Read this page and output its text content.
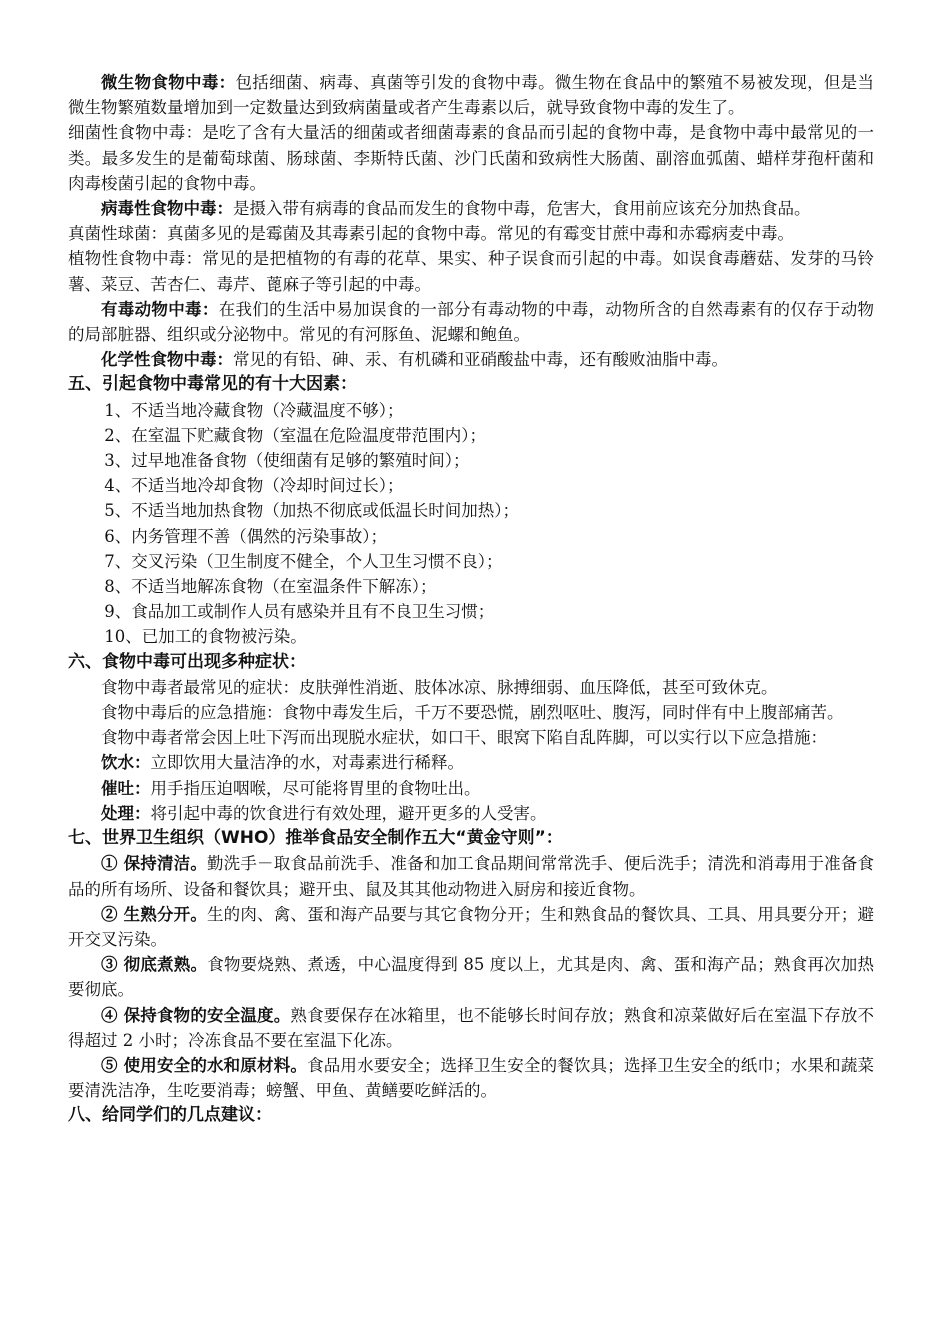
微生物食物中毒：包括细菌、病毒、真菌等引发的食物中毒。微生物在食品中的繁殖不易被发现，但是当微生物繁殖数量增加到一定数量达到致病菌量或者产生毒素以后，就导致食物中毒的发生了。

细菌性食物中毒：是吃了含有大量活的细菌或者细菌毒素的食品而引起的食物中毒，是食物中毒中最常见的一类。最多发生的是葡萄球菌、肠球菌、李斯特氏菌、沙门氏菌和致病性大肠菌、副溶血弧菌、蜡样芽孢杆菌和肉毒梭菌引起的食物中毒。

病毒性食物中毒：是摄入带有病毒的食品而发生的食物中毒，危害大，食用前应该充分加热食品。

真菌性球菌：真菌多见的是霉菌及其毒素引起的食物中毒。常见的有霉变甘蔗中毒和赤霉病麦中毒。

植物性食物中毒：常见的是把植物的有毒的花草、果实、种子误食而引起的中毒。如误食毒蘑菇、发芽的马铃薯、菜豆、苦杏仁、毒芹、蓖麻子等引起的中毒。

有毒动物中毒：在我们的生活中易加误食的一部分有毒动物的中毒，动物所含的自然毒素有的仅存于动物的局部脏器、组织或分泌物中。常见的有河豚鱼、泥螺和鲍鱼。

化学性食物中毒：常见的有铅、砷、汞、有机磷和亚硝酸盐中毒，还有酸败油脂中毒。

五、引起食物中毒常见的有十大因素：
1、不适当地冷藏食物（冷藏温度不够）；
2、在室温下贮藏食物（室温在危险温度带范围内）；
3、过早地准备食物（使细菌有足够的繁殖时间）；
4、不适当地冷却食物（冷却时间过长）；
5、不适当地加热食物（加热不彻底或低温长时间加热）；
6、内务管理不善（偶然的污染事故）；
7、交叉污染（卫生制度不健全，个人卫生习惯不良）；
8、不适当地解冻食物（在室温条件下解冻）；
9、食品加工或制作人员有感染并且有不良卫生习惯；
10、已加工的食物被污染。
六、食物中毒可出现多种症状：

食物中毒者最常见的症状：皮肤弹性消逝、肢体冰凉、脉搏细弱、血压降低，甚至可致休克。

食物中毒后的应急措施：食物中毒发生后，千万不要恐慌，剧烈呕吐、腹泻，同时伴有中上腹部痛苦。

食物中毒者常会因上吐下泻而出现脱水症状，如口干、眼窝下陷自乱阵脚，可以实行以下应急措施：

饮水：立即饮用大量洁净的水，对毒素进行稀释。

催吐：用手指压迫咽喉，尽可能将胃里的食物吐出。

处理：将引起中毒的饮食进行有效处理，避开更多的人受害。

七、世界卫生组织（WHO）推举食品安全制作五大“黄金守则”：

① 保持清洁。勤洗手－取食品前洗手、准备和加工食品期间常常洗手、便后洗手；清洗和消毒用于准备食品的所有场所、设备和餐饮具；避开虫、鼠及其其他动物进入厨房和接近食物。

② 生熟分开。生的肉、禽、蛋和海产品要与其它食物分开；生和熟食品的餐饮具、工具、用具要分开；避开交叉污染。

③ 彻底煮熟。食物要烧熟、煮透，中心温度得到 85 度以上，尤其是肉、禽、蛋和海产品；熟食再次加热要彻底。

④ 保持食物的安全温度。熟食要保存在冰箱里，也不能够长时间存放；熟食和凉菜做好后在室温下存放不得超过 2 小时；冷冻食品不要在室温下化冻。

⑤ 使用安全的水和原材料。食品用水要安全；选择卫生安全的餐饮具；选择卫生安全的纸巾；水果和蔬菜要清洗洁净，生吃要消毒；螃蟹、甲鱼、黄鳝要吃鲜活的。

八、给同学们的几点建议：
